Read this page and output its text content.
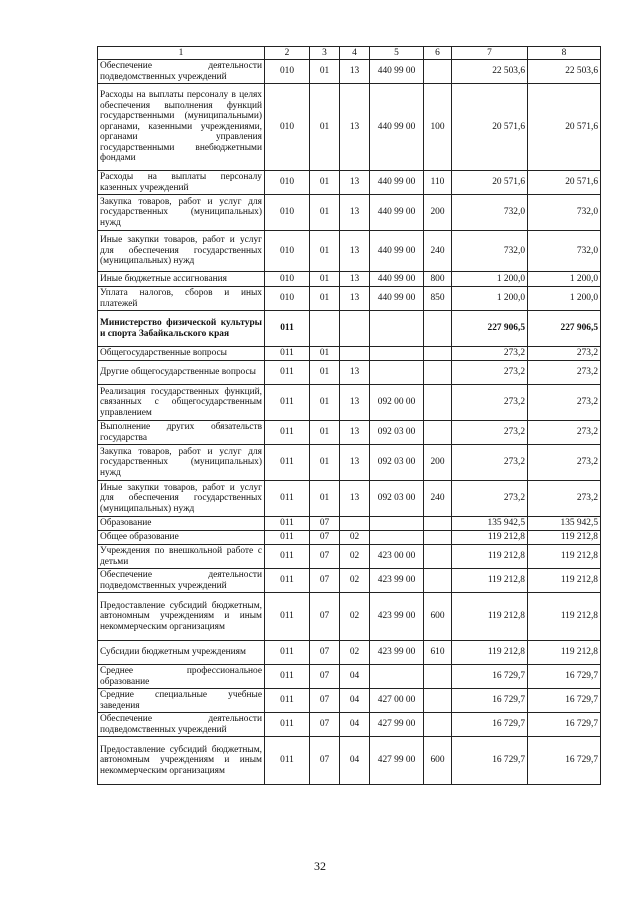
1	2	3	4	5	6	7	8
Обеспечение деятельности подведомственных учреждений	010	01	13	440 99 00		22 503,6	22 503,6
Расходы на выплаты персоналу в целях обеспечения выполнения функций государственными (муниципальными) органами, казенными учреждениями, органами управления государственными внебюджетными фондами	010	01	13	440 99 00	100	20 571,6	20 571,6
Расходы на выплаты персоналу казенных учреждений	010	01	13	440 99 00	110	20 571,6	20 571,6
Закупка товаров, работ и услуг для государственных (муниципальных) нужд	010	01	13	440 99 00	200	732,0	732,0
Иные закупки товаров, работ и услуг для обеспечения государственных (муниципальных) нужд	010	01	13	440 99 00	240	732,0	732,0
Иные бюджетные ассигнования	010	01	13	440 99 00	800	1 200,0	1 200,0
Уплата налогов, сборов и иных платежей	010	01	13	440 99 00	850	1 200,0	1 200,0
Министерство физической культуры и спорта Забайкальского края	011					227 906,5	227 906,5
Общегосударственные вопросы	011	01				273,2	273,2
Другие общегосударственные вопросы	011	01	13			273,2	273,2
Реализация государственных функций, связанных с общегосударственным управлением	011	01	13	092 00 00		273,2	273,2
Выполнение других обязательств государства	011	01	13	092 03 00		273,2	273,2
Закупка товаров, работ и услуг для государственных (муниципальных) нужд	011	01	13	092 03 00	200	273,2	273,2
Иные закупки товаров, работ и услуг для обеспечения государственных (муниципальных) нужд	011	01	13	092 03 00	240	273,2	273,2
Образование	011	07				135 942,5	135 942,5
Общее образование	011	07	02			119 212,8	119 212,8
Учреждения по внешкольной работе с детьми	011	07	02	423 00 00		119 212,8	119 212,8
Обеспечение деятельности подведомственных учреждений	011	07	02	423 99 00		119 212,8	119 212,8
Предоставление субсидий бюджетным, автономным учреждениям и иным некоммерческим организациям	011	07	02	423 99 00	600	119 212,8	119 212,8
Субсидии бюджетным учреждениям	011	07	02	423 99 00	610	119 212,8	119 212,8
Среднее профессиональное образование	011	07	04			16 729,7	16 729,7
Средние специальные учебные заведения	011	07	04	427 00 00		16 729,7	16 729,7
Обеспечение деятельности подведомственных учреждений	011	07	04	427 99 00		16 729,7	16 729,7
Предоставление субсидий бюджетным, автономным учреждениям и иным некоммерческим организациям	011	07	04	427 99 00	600	16 729,7	16 729,7
32
